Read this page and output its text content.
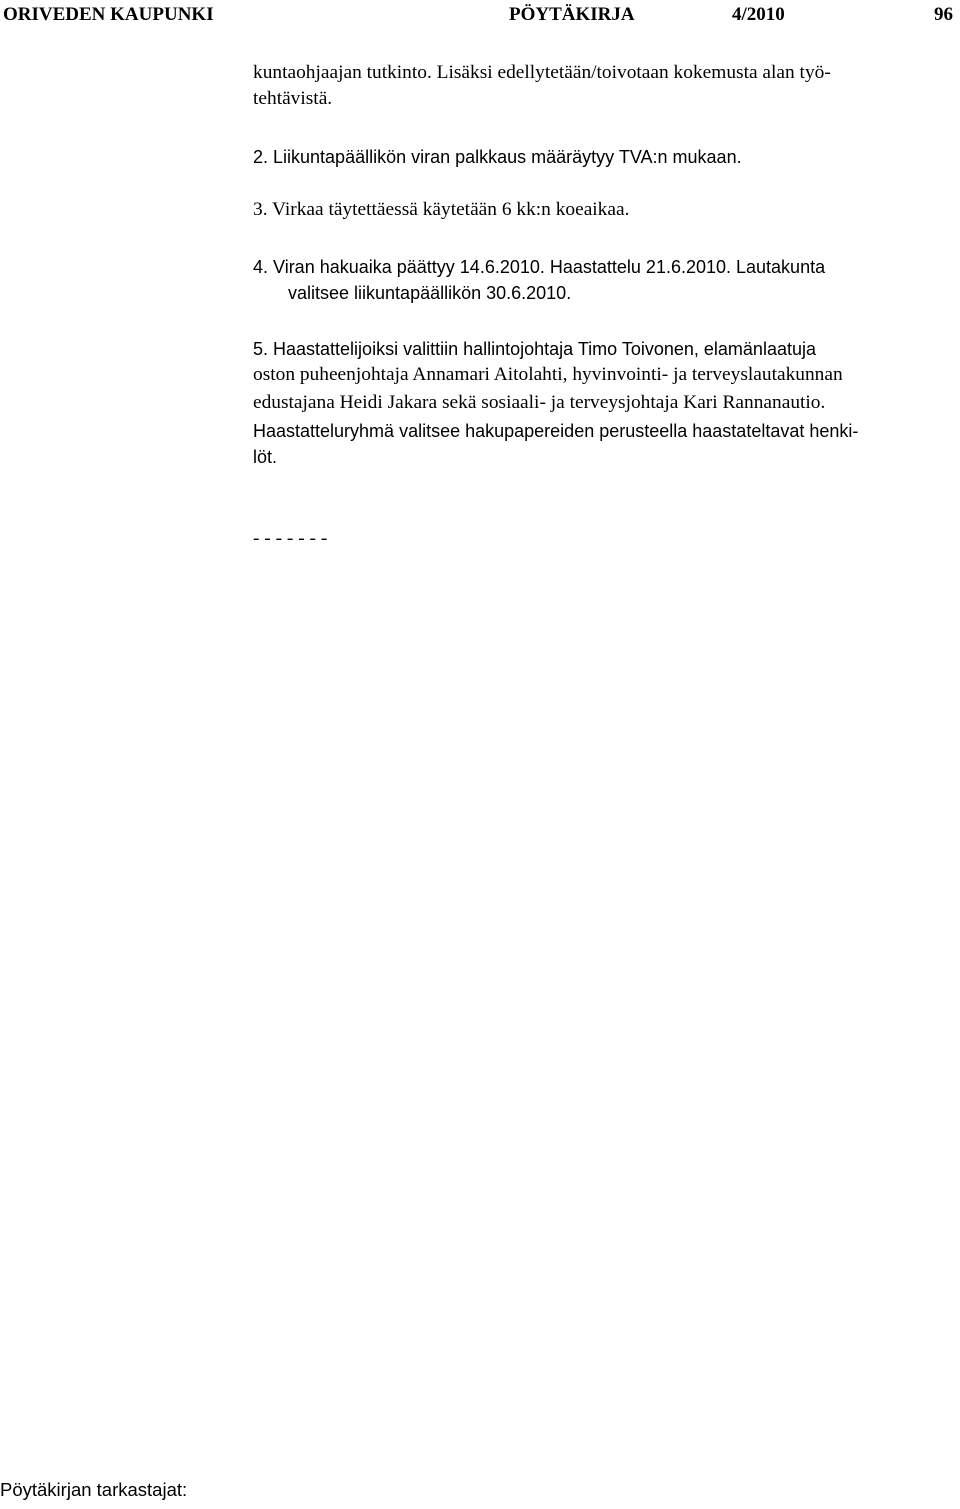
ORIVEDEN KAUPUNKI	PÖYTÄKIRJA	4/2010	96
kuntaohjaajan tutkinto. Lisäksi edellytetään/toivotaan kokemusta alan työ-
tehtävistä.
2. Liikuntapäällikön viran palkkaus määräytyy TVA:n mukaan.
3. Virkaa täytettäessä käytetään 6 kk:n koeaikaa.
4. Viran hakuaika päättyy 14.6.2010. Haastattelu 21.6.2010. Lautakunta
valitsee liikuntapäällikön 30.6.2010.
5. Haastattelijoiksi valittiin hallintojohtaja Timo Toivonen, elamänlaatuja
oston puheenjohtaja Annamari Aitolahti, hyvinvointi- ja terveyslautakunnan
edustajana Heidi Jakara sekä sosiaali- ja terveysjohtaja Kari Rannanautio.
Haastatteluryhmä valitsee hakupapereiden perusteella haastateltavat henki-
löt.
- - - - - - -
Pöytäkirjan tarkastajat:
